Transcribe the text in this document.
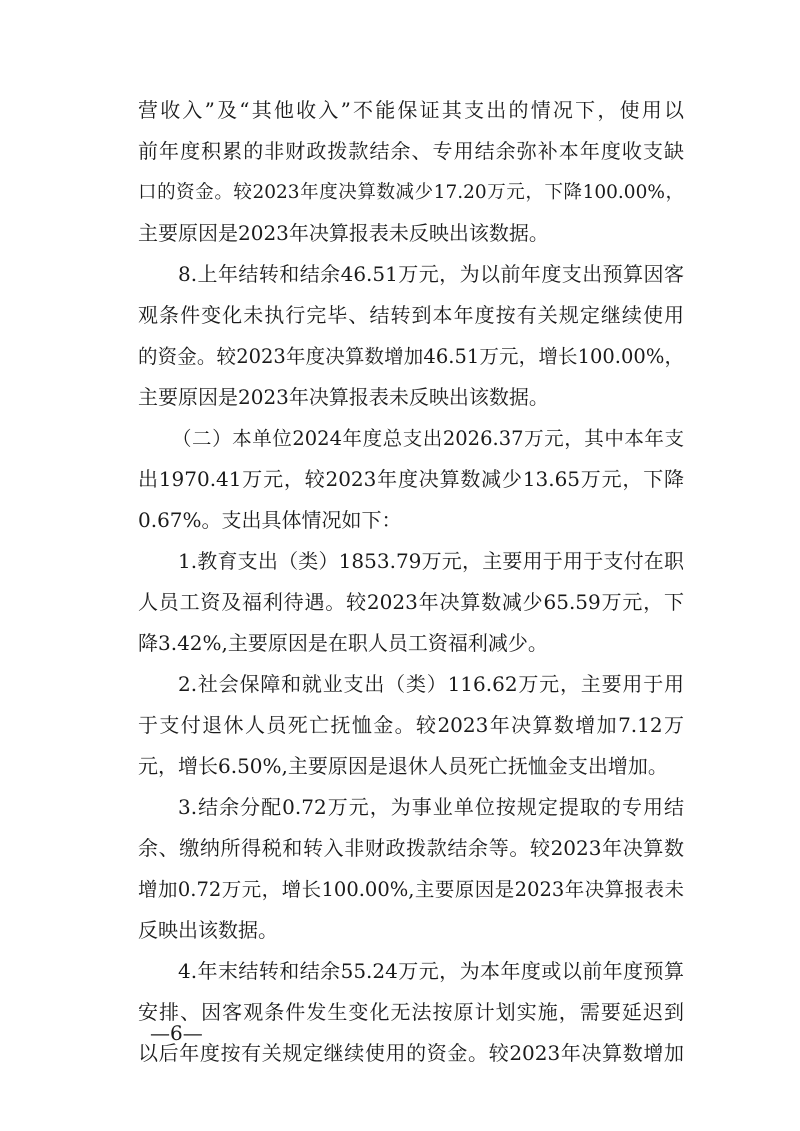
营收入”及“其他收入”不能保证其支出的情况下，使用以
前年度积累的非财政拨款结余、专用结余弥补本年度收支缺
口的资金。较2023年度决算数减少17.20万元，下降100.00%，
主要原因是2023年决算报表未反映出该数据。
8.上年结转和结余46.51万元，为以前年度支出预算因客
观条件变化未执行完毕、结转到本年度按有关规定继续使用
的资金。较2023年度决算数增加46.51万元，增长100.00%，
主要原因是2023年决算报表未反映出该数据。
（二）本单位2024年度总支出2026.37万元，其中本年支
出1970.41万元，较2023年度决算数减少13.65万元，下降
0.67%。支出具体情况如下：
1.教育支出（类）1853.79万元，主要用于用于支付在职
人员工资及福利待遇。较2023年决算数减少65.59万元，下
降3.42%,主要原因是在职人员工资福利减少。
2.社会保障和就业支出（类）116.62万元，主要用于用
于支付退休人员死亡抚恤金。较2023年决算数增加7.12万
元，增长6.50%,主要原因是退休人员死亡抚恤金支出增加。
3.结余分配0.72万元，为事业单位按规定提取的专用结
余、缴纳所得税和转入非财政拨款结余等。较2023年决算数
增加0.72万元，增长100.00%,主要原因是2023年决算报表未
反映出该数据。
4.年末结转和结余55.24万元，为本年度或以前年度预算
安排、因客观条件发生变化无法按原计划实施，需要延迟到
以后年度按有关规定继续使用的资金。较2023年决算数增加
—6—
